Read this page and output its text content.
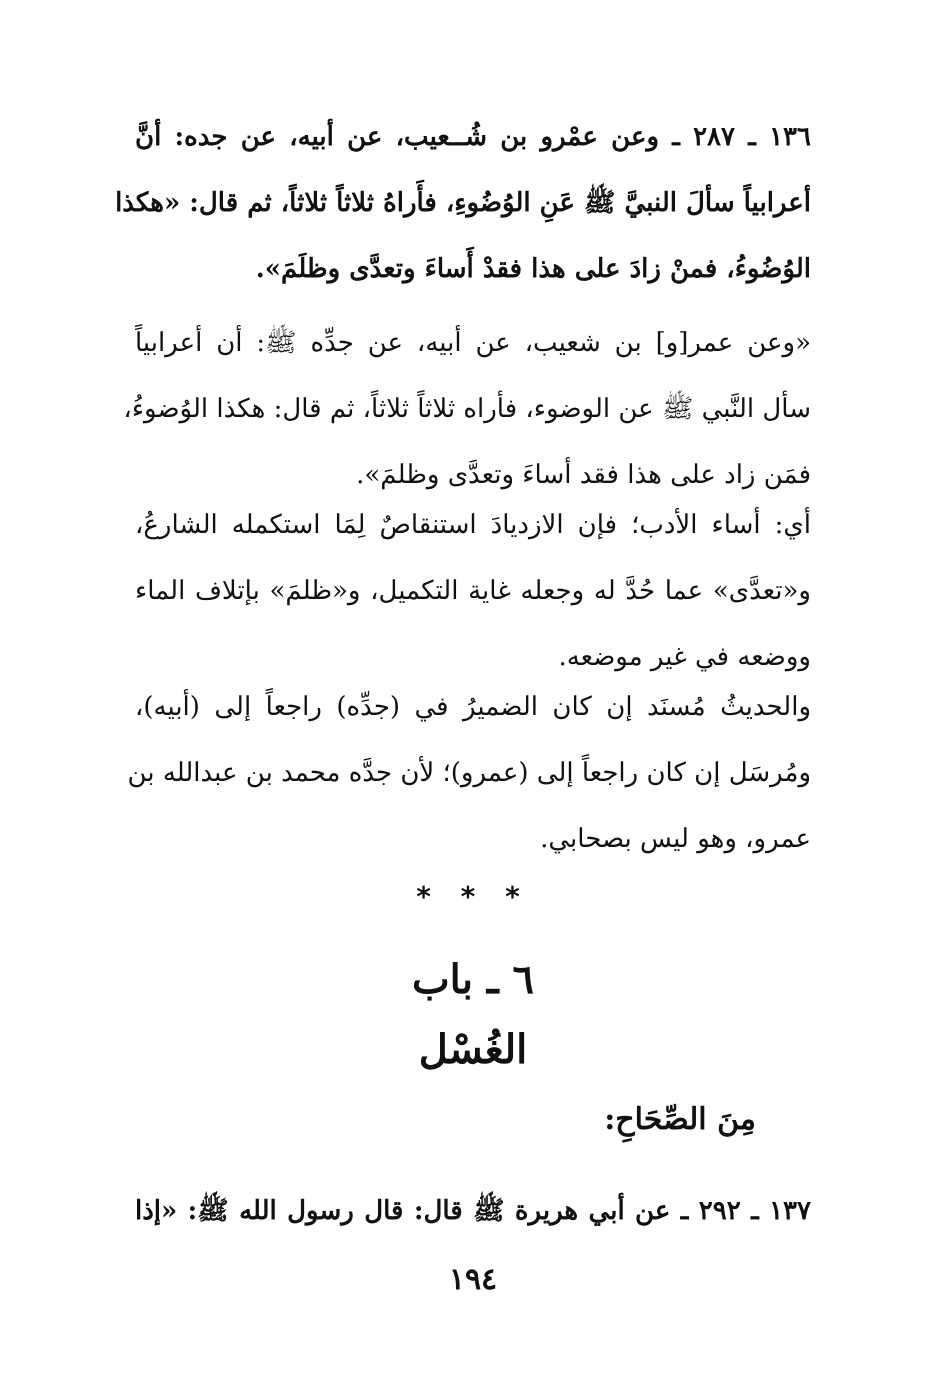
١٣٦ ـ ٢٨٧ ـ وعن عمْرو بن شُــعيب، عن أبيه، عن جده: أنَّ
أعرابياً سألَ النبيَّ ﷺ عَنِ الوُضُوءِ، فأَراهُ ثلاثاً ثلاثاً، ثم قال: «هكذا
الوُضُوءُ، فمنْ زادَ على هذا فقدْ أَساءَ وتعدَّى وظلَمَ».
«وعن عمر[و] بن شعيب، عن أبيه، عن جدِّه ﷺ: أن أعرابياً
سأل النَّبي ﷺ عن الوضوء، فأراه ثلاثاً ثلاثاً، ثم قال: هكذا الوُضوءُ،
فمَن زاد على هذا فقد أساءَ وتعدَّى وظلمَ».
أي: أساء الأدب؛ فإن الازديادَ استنقاصٌ لِمَا استكمله الشارعُ،
و«تعدَّى» عما حُدَّ له وجعله غاية التكميل، و«ظلمَ» بإتلاف الماء
ووضعه في غير موضعه.
والحديثُ مُسنَد إن كان الضميرُ في (جدِّه) راجعاً إلى (أبيه)،
ومُرسَل إن كان راجعاً إلى (عمرو)؛ لأن جدَّه محمد بن عبدالله بن
عمرو، وهو ليس بصحابي.
* * *
٦ ـ باب
الغُسْل
مِنَ الصِّحَاحِ:
١٣٧ ـ ٢٩٢ ـ عن أبي هريرة ﷺ قال: قال رسول الله ﷺ: «إذا
١٩٤
